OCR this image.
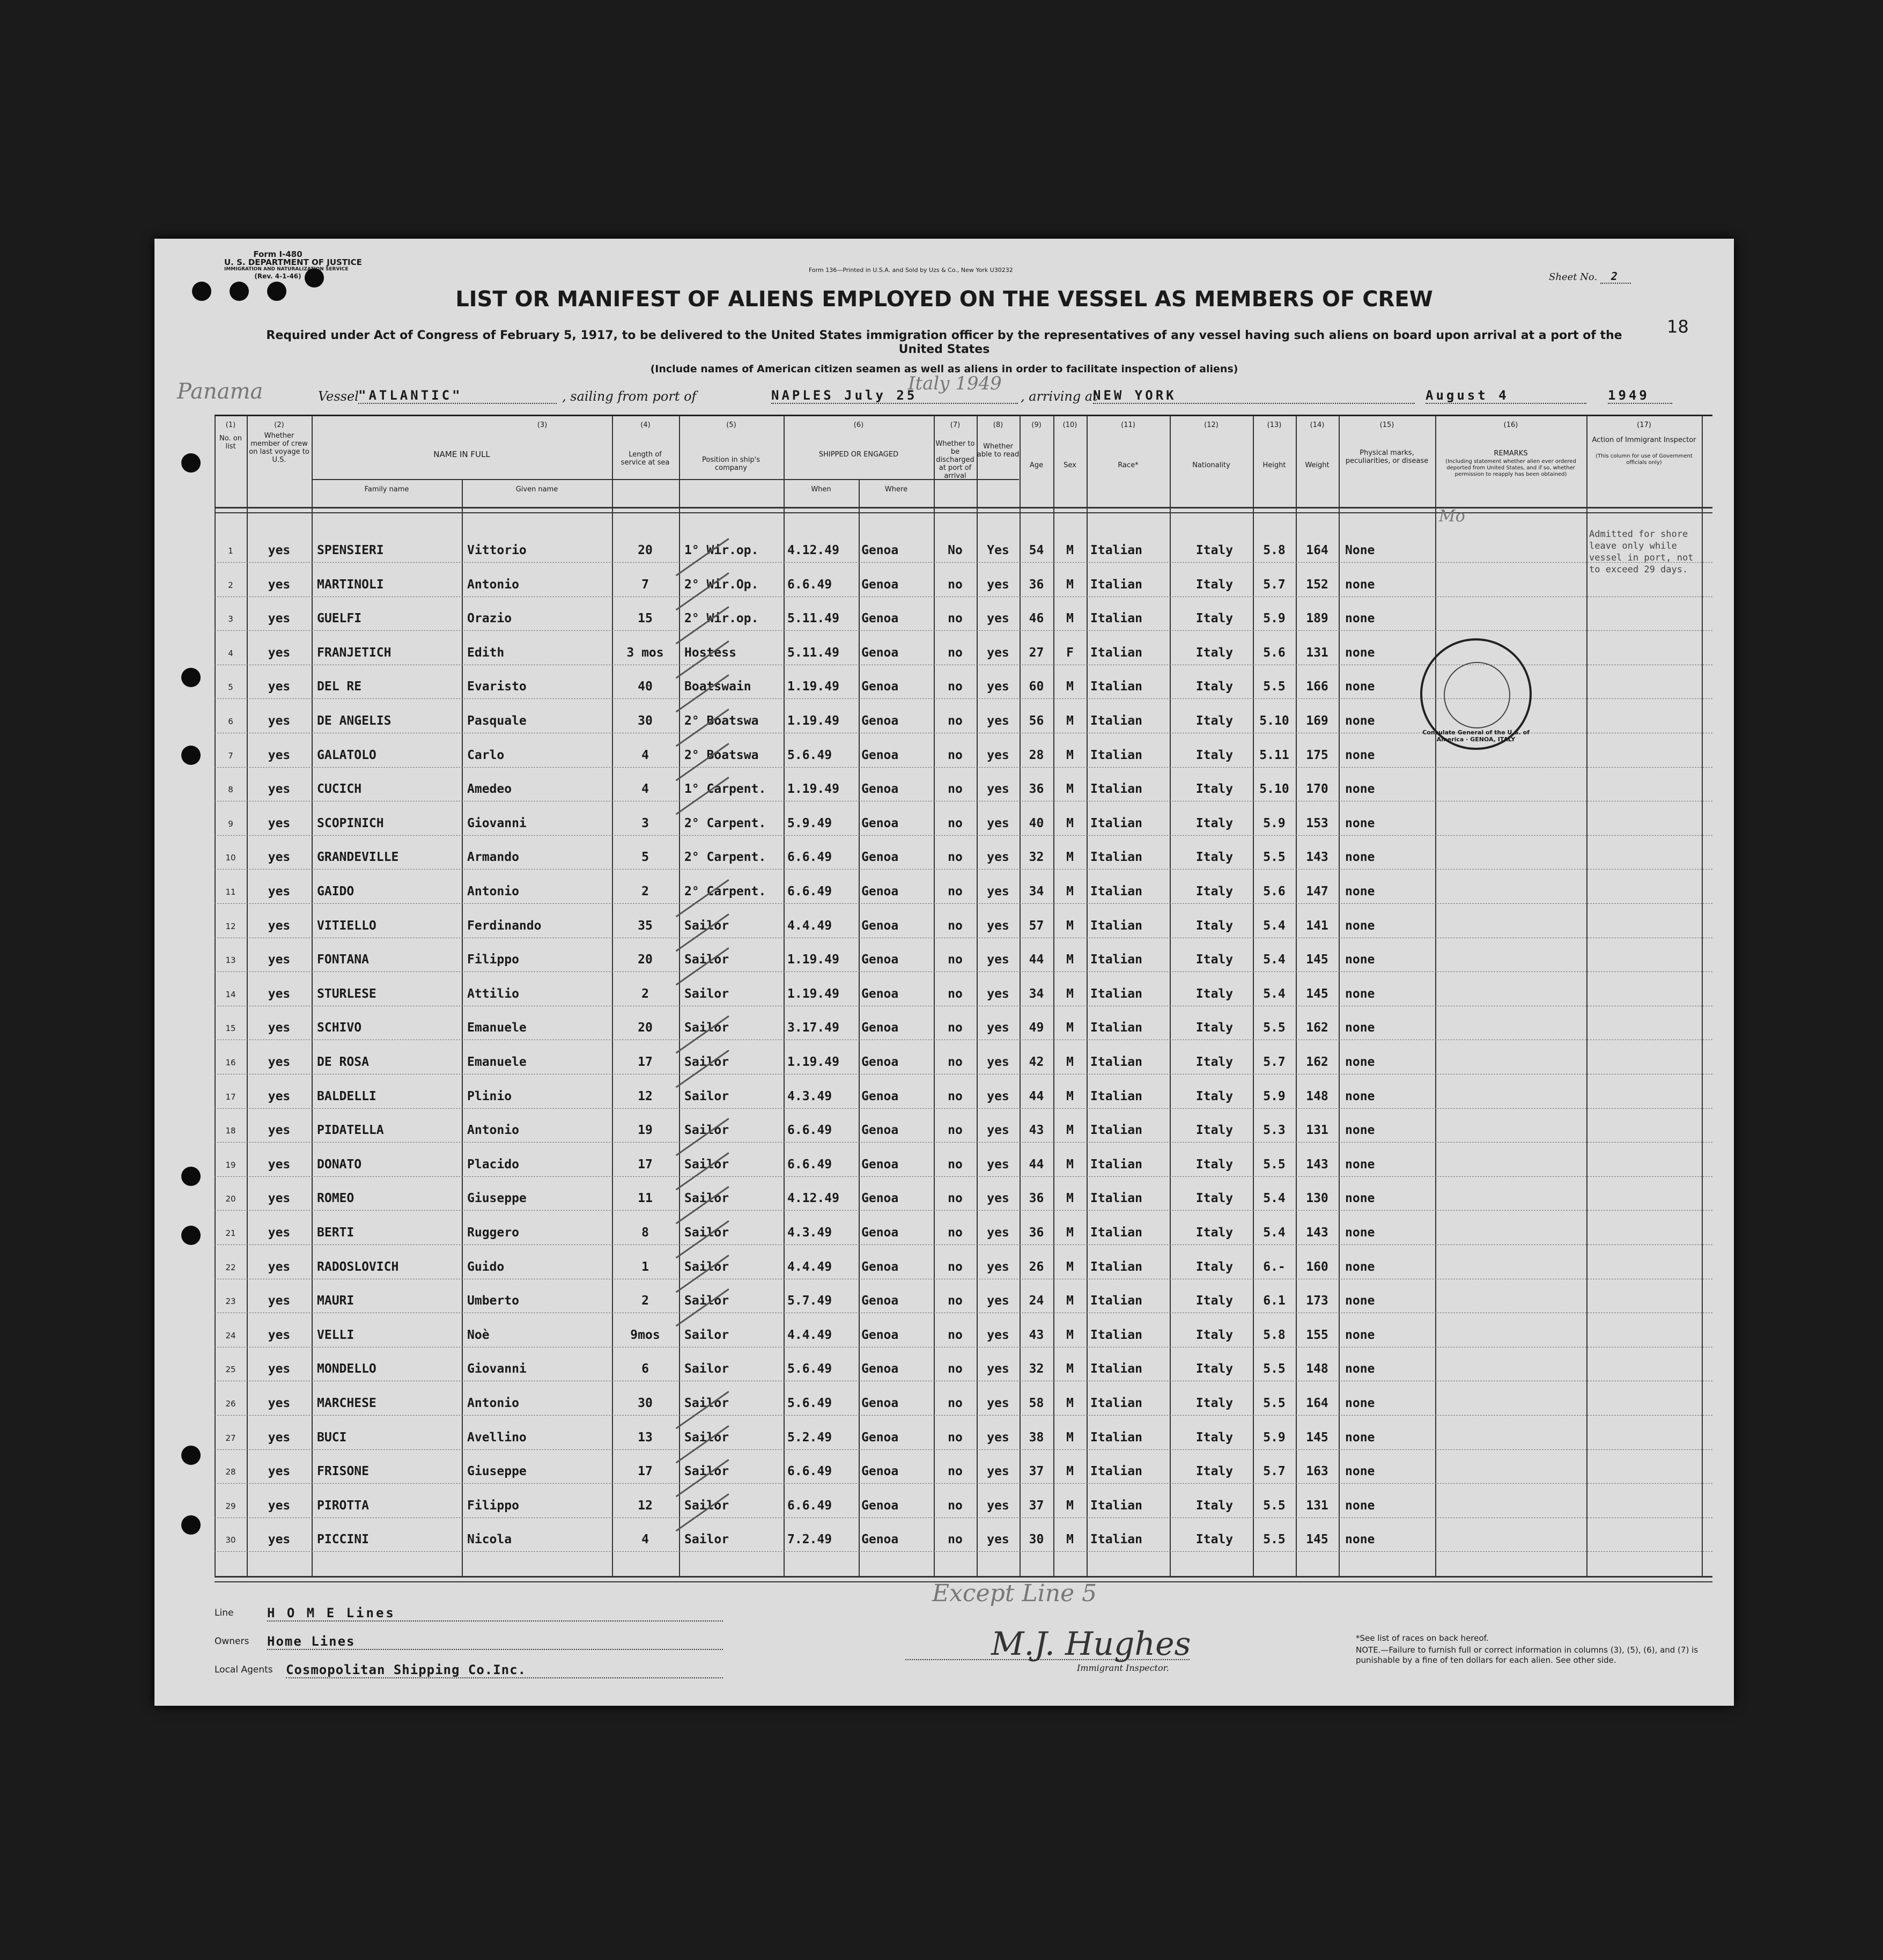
Form I-480
U. S. DEPARTMENT OF JUSTICE
IMMIGRATION AND NATURALIZATION SERVICE
(Rev. 4-1-46)
Form 136—Printed in U.S.A. and Sold by Uzs & Co., New York U30232
Sheet No. 2
18
LIST OR MANIFEST OF ALIENS EMPLOYED ON THE VESSEL AS MEMBERS OF CREW
Required under Act of Congress of February 5, 1917, to be delivered to the United States immigration officer by the representatives of any vessel having such aliens on board upon arrival at a port of the United States
(Include names of American citizen seamen as well as aliens in order to facilitate inspection of aliens)
Panama	Vessel "ATLANTIC"	, sailing from port of	NAPLES July 25
Italy 1949
, arriving at
NEW YORK	August 4	1949
(1)
No. on list
(2)
Whether member of crew on last voyage to U.S.
(3)
NAME IN FULL
Family name	Given name
(4)
Length of service at sea
(5)
Position in ship's company
(6)
SHIPPED OR ENGAGED
When	Where
(7)
Whether to be discharged at port of arrival
(8)
Whether able to read
(9)
Age
(10)
Sex
(11)
Race*
(12)
Nationality
(13)
Height
(14)
Weight
(15)
Physical marks, peculiarities, or disease
(16)
REMARKS
(Including statement whether alien ever ordered deported from United States, and if so, whether permission to reapply has been obtained)
(17)
Action of Immigrant Inspector
(This column for use of Government officials only)
Admitted for shore leave only while vessel in port, not to exceed 29 days.
Mo
Consulate General of the U.S. of America · GENOA, ITALY
1	yes	SPENSIERI	Vittorio	20	1° Wir.op.	4.12.49	Genoa	No	Yes	54	M	Italian	Italy	5.8	164	None
2	yes	MARTINOLI	Antonio	7	2° Wir.Op.	6.6.49	Genoa	no	yes	36	M	Italian	Italy	5.7	152	none
3	yes	GUELFI	Orazio	15	2° Wir.op.	5.11.49	Genoa	no	yes	46	M	Italian	Italy	5.9	189	none
4	yes	FRANJETICH	Edith	3 mos	Hostess	5.11.49	Genoa	no	yes	27	F	Italian	Italy	5.6	131	none
5	yes	DEL RE	Evaristo	40	Boatswain	1.19.49	Genoa	no	yes	60	M	Italian	Italy	5.5	166	none
6	yes	DE ANGELIS	Pasquale	30	2° Boatswa	1.19.49	Genoa	no	yes	56	M	Italian	Italy	5.10	169	none
7	yes	GALATOLO	Carlo	4	2° Boatswa	5.6.49	Genoa	no	yes	28	M	Italian	Italy	5.11	175	none
8	yes	CUCICH	Amedeo	4	1° Carpent.	1.19.49	Genoa	no	yes	36	M	Italian	Italy	5.10	170	none
9	yes	SCOPINICH	Giovanni	3	2° Carpent.	5.9.49	Genoa	no	yes	40	M	Italian	Italy	5.9	153	none
10	yes	GRANDEVILLE	Armando	5	2° Carpent.	6.6.49	Genoa	no	yes	32	M	Italian	Italy	5.5	143	none
11	yes	GAIDO	Antonio	2	2° Carpent.	6.6.49	Genoa	no	yes	34	M	Italian	Italy	5.6	147	none
12	yes	VITIELLO	Ferdinando	35	Sailor	4.4.49	Genoa	no	yes	57	M	Italian	Italy	5.4	141	none
13	yes	FONTANA	Filippo	20	Sailor	1.19.49	Genoa	no	yes	44	M	Italian	Italy	5.4	145	none
14	yes	STURLESE	Attilio	2	Sailor	1.19.49	Genoa	no	yes	34	M	Italian	Italy	5.4	145	none
15	yes	SCHIVO	Emanuele	20	Sailor	3.17.49	Genoa	no	yes	49	M	Italian	Italy	5.5	162	none
16	yes	DE ROSA	Emanuele	17	Sailor	1.19.49	Genoa	no	yes	42	M	Italian	Italy	5.7	162	none
17	yes	BALDELLI	Plinio	12	Sailor	4.3.49	Genoa	no	yes	44	M	Italian	Italy	5.9	148	none
18	yes	PIDATELLA	Antonio	19	Sailor	6.6.49	Genoa	no	yes	43	M	Italian	Italy	5.3	131	none
19	yes	DONATO	Placido	17	Sailor	6.6.49	Genoa	no	yes	44	M	Italian	Italy	5.5	143	none
20	yes	ROMEO	Giuseppe	11	Sailor	4.12.49	Genoa	no	yes	36	M	Italian	Italy	5.4	130	none
21	yes	BERTI	Ruggero	8	Sailor	4.3.49	Genoa	no	yes	36	M	Italian	Italy	5.4	143	none
22	yes	RADOSLOVICH	Guido	1	Sailor	4.4.49	Genoa	no	yes	26	M	Italian	Italy	6.-	160	none
23	yes	MAURI	Umberto	2	Sailor	5.7.49	Genoa	no	yes	24	M	Italian	Italy	6.1	173	none
24	yes	VELLI	Noè	9mos	Sailor	4.4.49	Genoa	no	yes	43	M	Italian	Italy	5.8	155	none
25	yes	MONDELLO	Giovanni	6	Sailor	5.6.49	Genoa	no	yes	32	M	Italian	Italy	5.5	148	none
26	yes	MARCHESE	Antonio	30	Sailor	5.6.49	Genoa	no	yes	58	M	Italian	Italy	5.5	164	none
27	yes	BUCI	Avellino	13	Sailor	5.2.49	Genoa	no	yes	38	M	Italian	Italy	5.9	145	none
28	yes	FRISONE	Giuseppe	17	Sailor	6.6.49	Genoa	no	yes	37	M	Italian	Italy	5.7	163	none
29	yes	PIROTTA	Filippo	12	Sailor	6.6.49	Genoa	no	yes	37	M	Italian	Italy	5.5	131	none
30	yes	PICCINI	Nicola	4	Sailor	7.2.49	Genoa	no	yes	30	M	Italian	Italy	5.5	145	none
Line	H O M E Lines
Owners Home Lines
Local Agents Cosmopolitan Shipping Co.Inc.
Except Line 5
M.J. Hughes
Immigrant Inspector.
*See list of races on back hereof.
NOTE.—Failure to furnish full or correct information in columns (3), (5), (6), and (7) is punishable by a fine of ten dollars for each alien. See other side.
